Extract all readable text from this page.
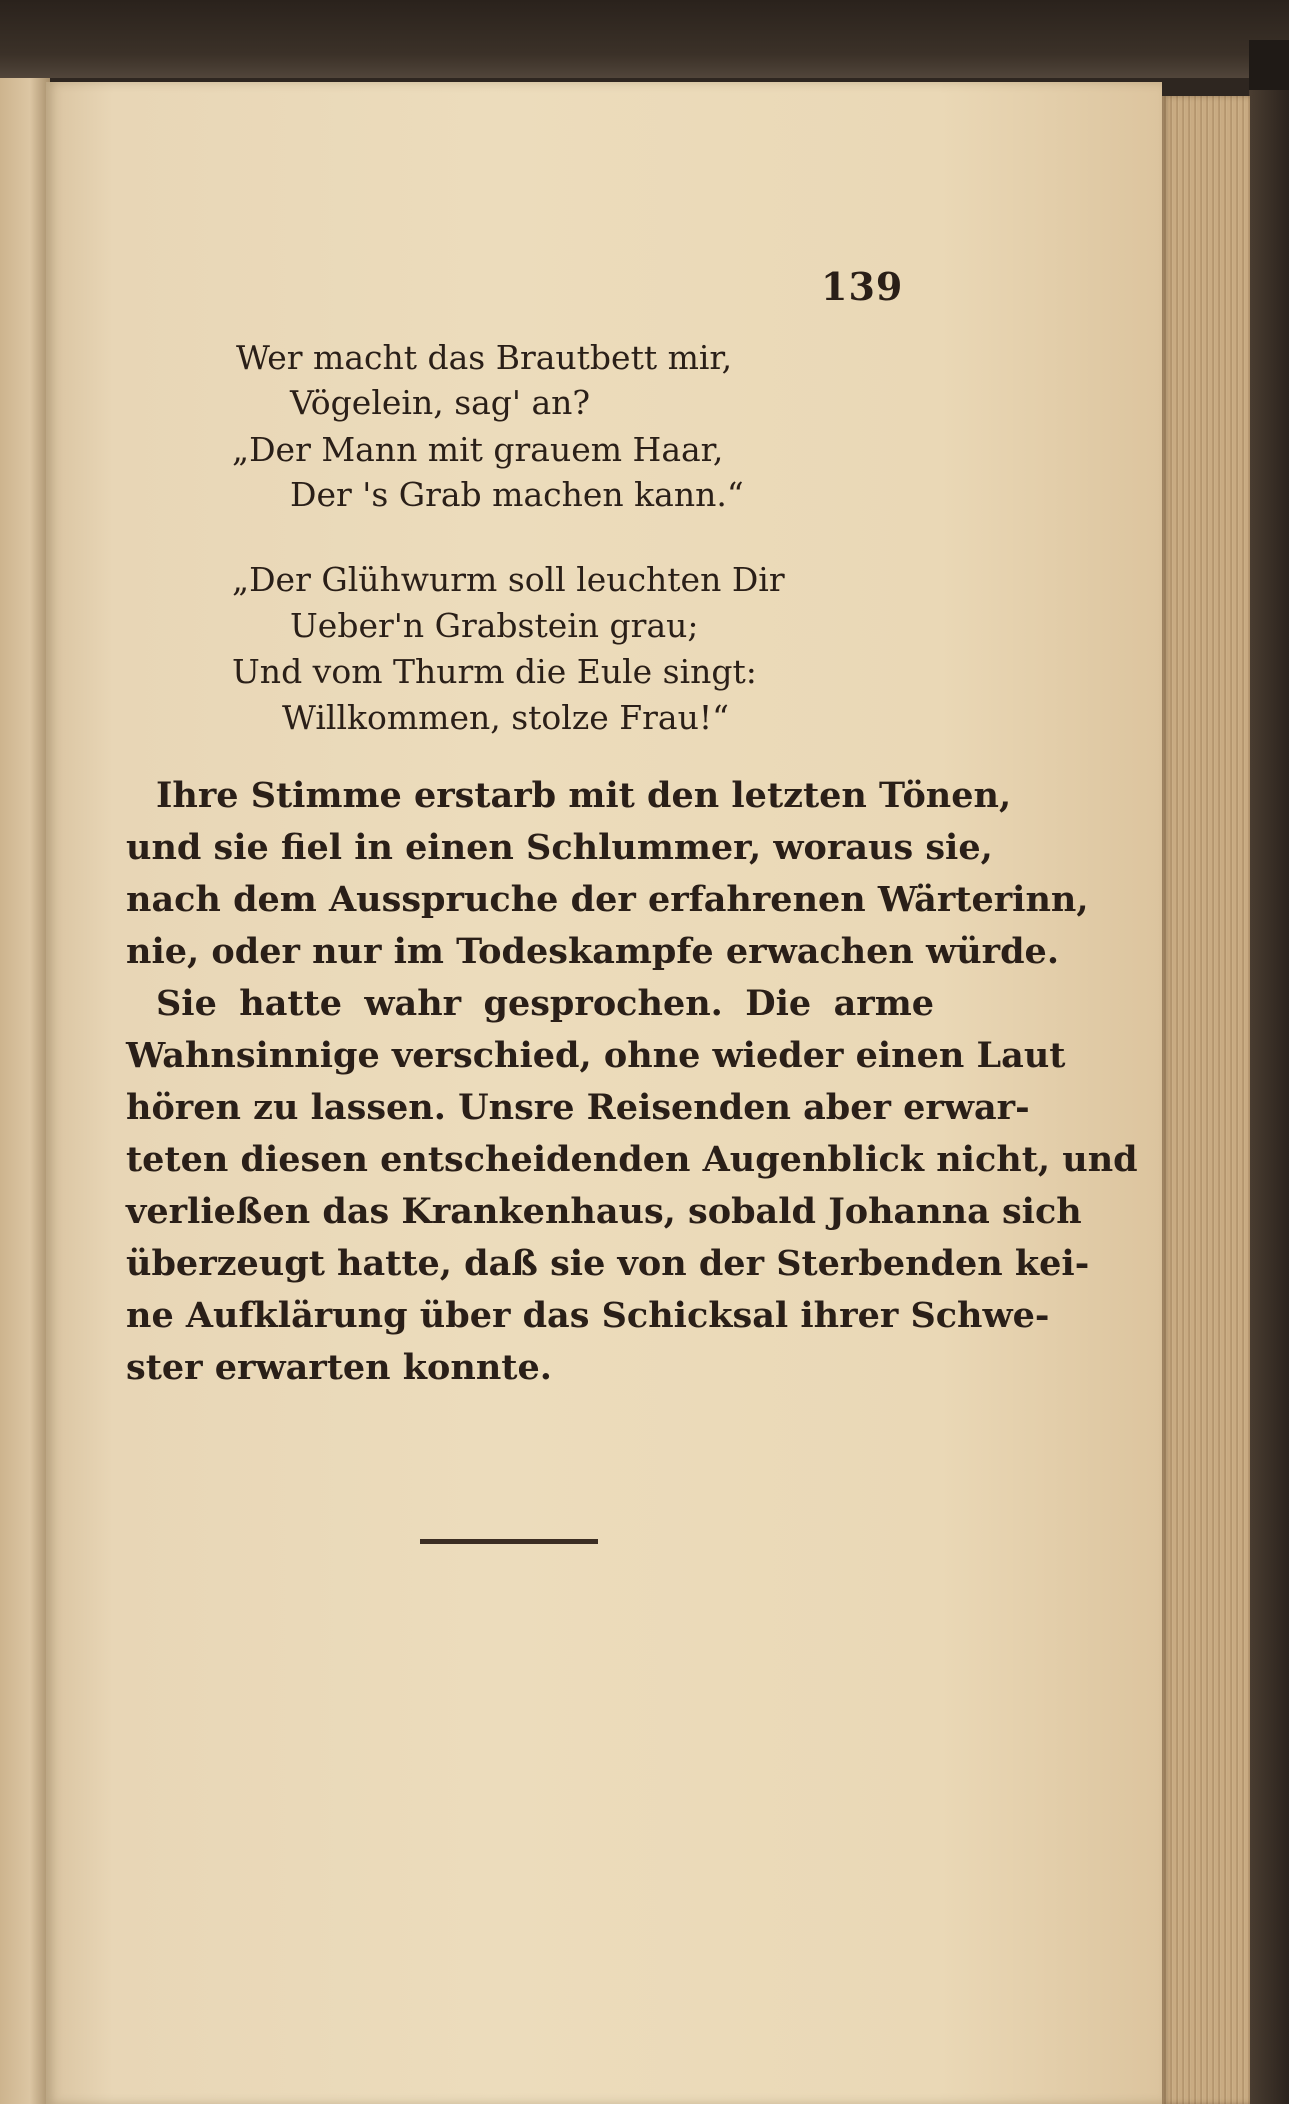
139
Wer macht das Brautbett mir,
Vögelein, sag' an?
„Der Mann mit grauem Haar,
Der 's Grab machen kann.“
„Der Glühwurm soll leuchten Dir
Ueber'n Grabstein grau;
Und vom Thurm die Eule singt:
Willkommen, stolze Frau!“
Ihre Stimme erstarb mit den letzten Tönen,
und sie fiel in einen Schlummer, woraus sie,
nach dem Ausspruche der erfahrenen Wärterinn,
nie, oder nur im Todeskampfe erwachen würde.
Sie hatte wahr gesprochen. Die arme
Wahnsinnige verschied, ohne wieder einen Laut
hören zu lassen. Unsre Reisenden aber erwar-
teten diesen entscheidenden Augenblick nicht, und
verließen das Krankenhaus, sobald Johanna sich
überzeugt hatte, daß sie von der Sterbenden kei-
ne Aufklärung über das Schicksal ihrer Schwe-
ster erwarten konnte.
